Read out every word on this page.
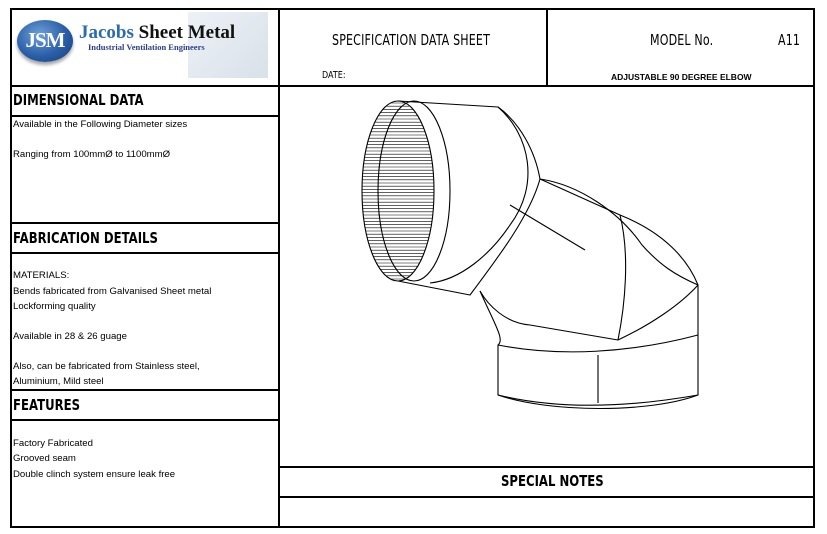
JSM Jacobs Sheet Metal
Industrial Ventilation Engineers	SPECIFICATION DATA SHEET
DATE:
MODEL No.	A11
ADJUSTABLE 90 DEGREE ELBOW
DIMENSIONAL DATA
Available in the Following Diameter sizes
Ranging from 100mmØ to 1100mmØ
FABRICATION DETAILS
MATERIALS:
Bends fabricated from Galvanised Sheet metal
Lockforming quality
Available in 28 & 26 guage
Also, can be fabricated from Stainless steel,
Aluminium, Mild steel
FEATURES
Factory Fabricated
Grooved seam
Double clinch system ensure leak free	SPECIAL NOTES
